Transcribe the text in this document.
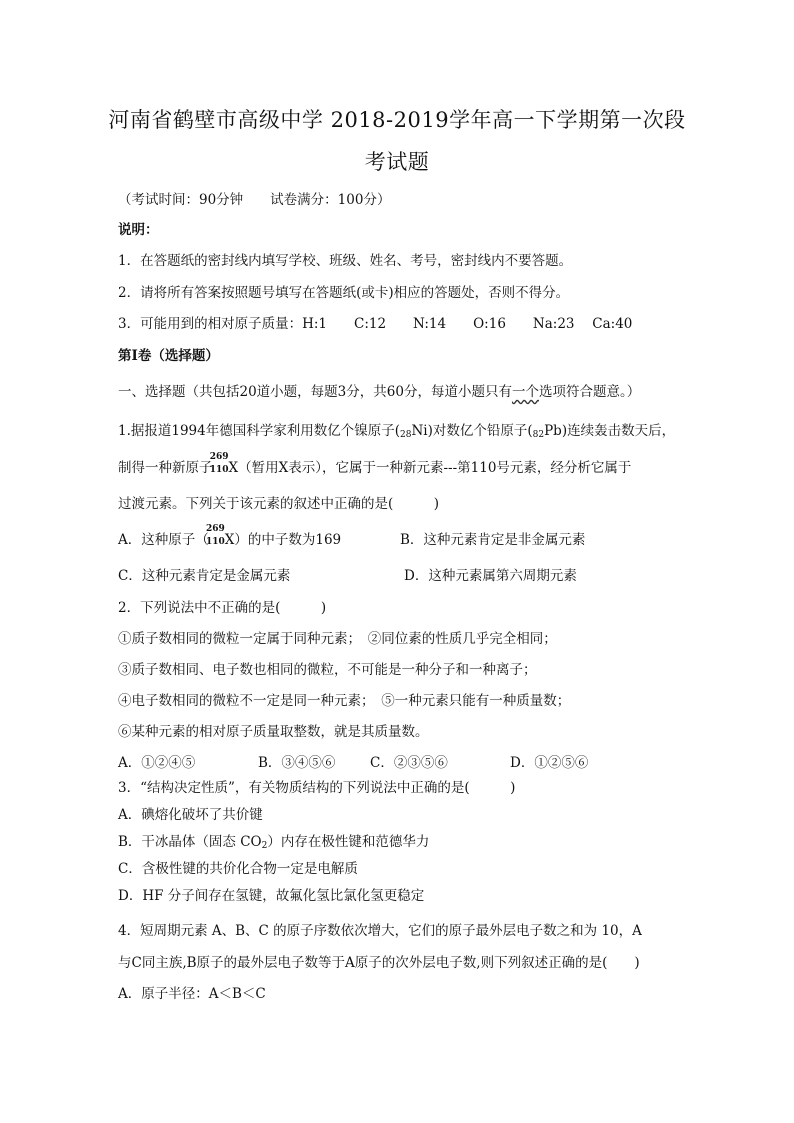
河南省鹤壁市高级中学 2018-2019学年高一下学期第一次段
考试题
（考试时间：90分钟　　试卷满分：100分）
说明：
1．在答题纸的密封线内填写学校、班级、姓名、考号，密封线内不要答题。
2．请将所有答案按照题号填写在答题纸(或卡)相应的答题处，否则不得分。
3．可能用到的相对原子质量：H:1　　C:12　　N:14　　O:16　　Na:23　 Ca:40
第Ⅰ卷（选择题）
一、选择题（共包括20道小题，每题3分，共60分，每道小题只有一个选项符合题意。）
1.据报道1994年德国科学家利用数亿个镍原子$(_{28}Ni)$对数亿个铅原子$(_{82}Pb)$连续轰击数天后，
制得一种新原子
269
110 X（暂用X表示），它属于一种新元素---第110号元素，经分析它属于
过渡元素。下列关于该元素的叙述中正确的是(　　　)
A．这种原子（
269
110 X）的中子数为169	B．这种元素肯定是非金属元素
C．这种元素肯定是金属元素	D．这种元素属第六周期元素
2．下列说法中不正确的是(　　　)
①质子数相同的微粒一定属于同种元素；　②同位素的性质几乎完全相同；
③质子数相同、电子数也相同的微粒，不可能是一种分子和一种离子；
④电子数相同的微粒不一定是同一种元素；　⑤一种元素只能有一种质量数；
⑥某种元素的相对原子质量取整数，就是其质量数。
A．①②④⑤	B．③④⑤⑥	C．②③⑤⑥	D．①②⑤⑥
3．“结构决定性质”，有关物质结构的下列说法中正确的是(　　　)
A．碘熔化破坏了共价键
B．干冰晶体（固态 $CO_2$）内存在极性键和范德华力
C．含极性键的共价化合物一定是电解质
D．HF 分子间存在氢键，故氟化氢比氯化氢更稳定
4．短周期元素 A、B、C 的原子序数依次增大，它们的原子最外层电子数之和为 10，A
与C同主族,B原子的最外层电子数等于A原子的次外层电子数,则下列叙述正确的是(　　)
A．原子半径：A＜B＜C
